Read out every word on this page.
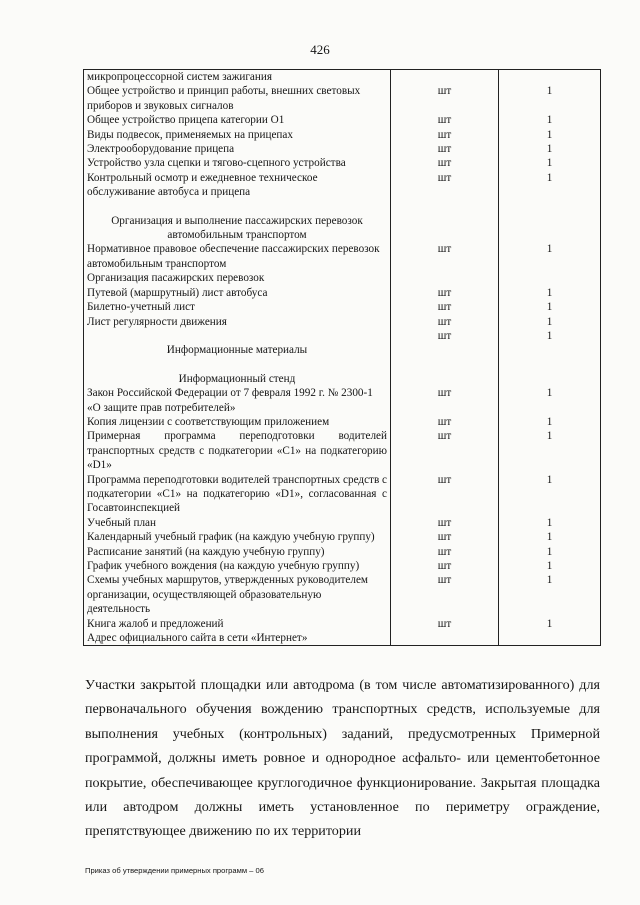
426
микропроцессорной систем зажигания		
Общее устройство и принцип работы, внешних световых приборов и звуковых сигналов	шт	1
Общее устройство прицепа категории О1	шт	1
Виды подвесок, применяемых на прицепах	шт	1
Электрооборудование прицепа	шт	1
Устройство узла сцепки и тягово-сцепного устройства	шт	1
Контрольный осмотр и ежедневное техническое обслуживание автобуса и прицепа	шт	1

Организация и выполнение пассажирских перевозок автомобильным транспортом		
Нормативное правовое обеспечение пассажирских перевозок автомобильным транспортом	шт	1
Организация пасажирских перевозок		
Путевой (маршрутный) лист автобуса	шт	1
Билетно-учетный лист	шт	1
Лист регулярности движения	шт	1
	шт	1
Информационные материалы		

Информационный стенд		
Закон Российской Федерации от 7 февраля 1992 г. № 2300-1 «О защите прав потребителей»	шт	1
Копия лицензии с соответствующим приложением	шт	1
Примерная программа переподготовки водителей транспортных средств с подкатегории «C1» на подкатегорию «D1»	шт	1
Программа переподготовки водителей транспортных средств с подкатегории «C1» на подкатегорию «D1», согласованная с Госавтоинспекцией	шт	1
Учебный план	шт	1
Календарный учебный график (на каждую учебную группу)	шт	1
Расписание занятий (на каждую учебную группу)	шт	1
График учебного вождения (на каждую учебную группу)	шт	1
Схемы учебных маршрутов, утвержденных руководителем организации, осуществляющей образовательную деятельность	шт	1
Книга жалоб и предложений	шт	1
Адрес официального сайта в сети «Интернет»		
Участки закрытой площадки или автодрома (в том числе автоматизированного) для первоначального обучения вождению транспортных средств, используемые для выполнения учебных (контрольных) заданий, предусмотренных Примерной программой, должны иметь ровное и однородное асфальто- или цементобетонное покрытие, обеспечивающее круглогодичное функционирование. Закрытая площадка или автодром должны иметь установленное по периметру ограждение, препятствующее движению по их территории
Приказ об утверждении примерных программ – 06
